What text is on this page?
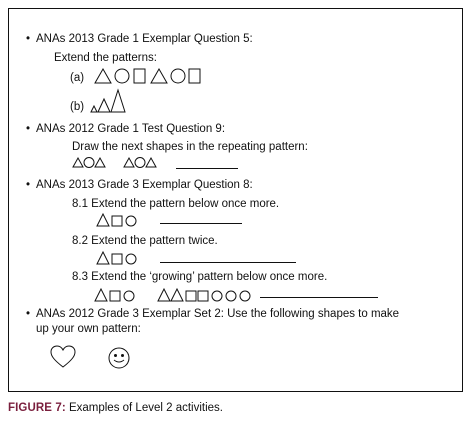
• ANAs 2013 Grade 1 Exemplar Question 5:
Extend the patterns:
(a)
(b)
• ANAs 2012 Grade 1 Test Question 9:
Draw the next shapes in the repeating pattern:
• ANAs 2013 Grade 3 Exemplar Question 8:
8.1 Extend the pattern below once more.
8.2 Extend the pattern twice.
8.3 Extend the ‘growing’ pattern below once more.
• ANAs 2012 Grade 3 Exemplar Set 2: Use the following shapes to make
up your own pattern:
FIGURE 7: Examples of Level 2 activities.
